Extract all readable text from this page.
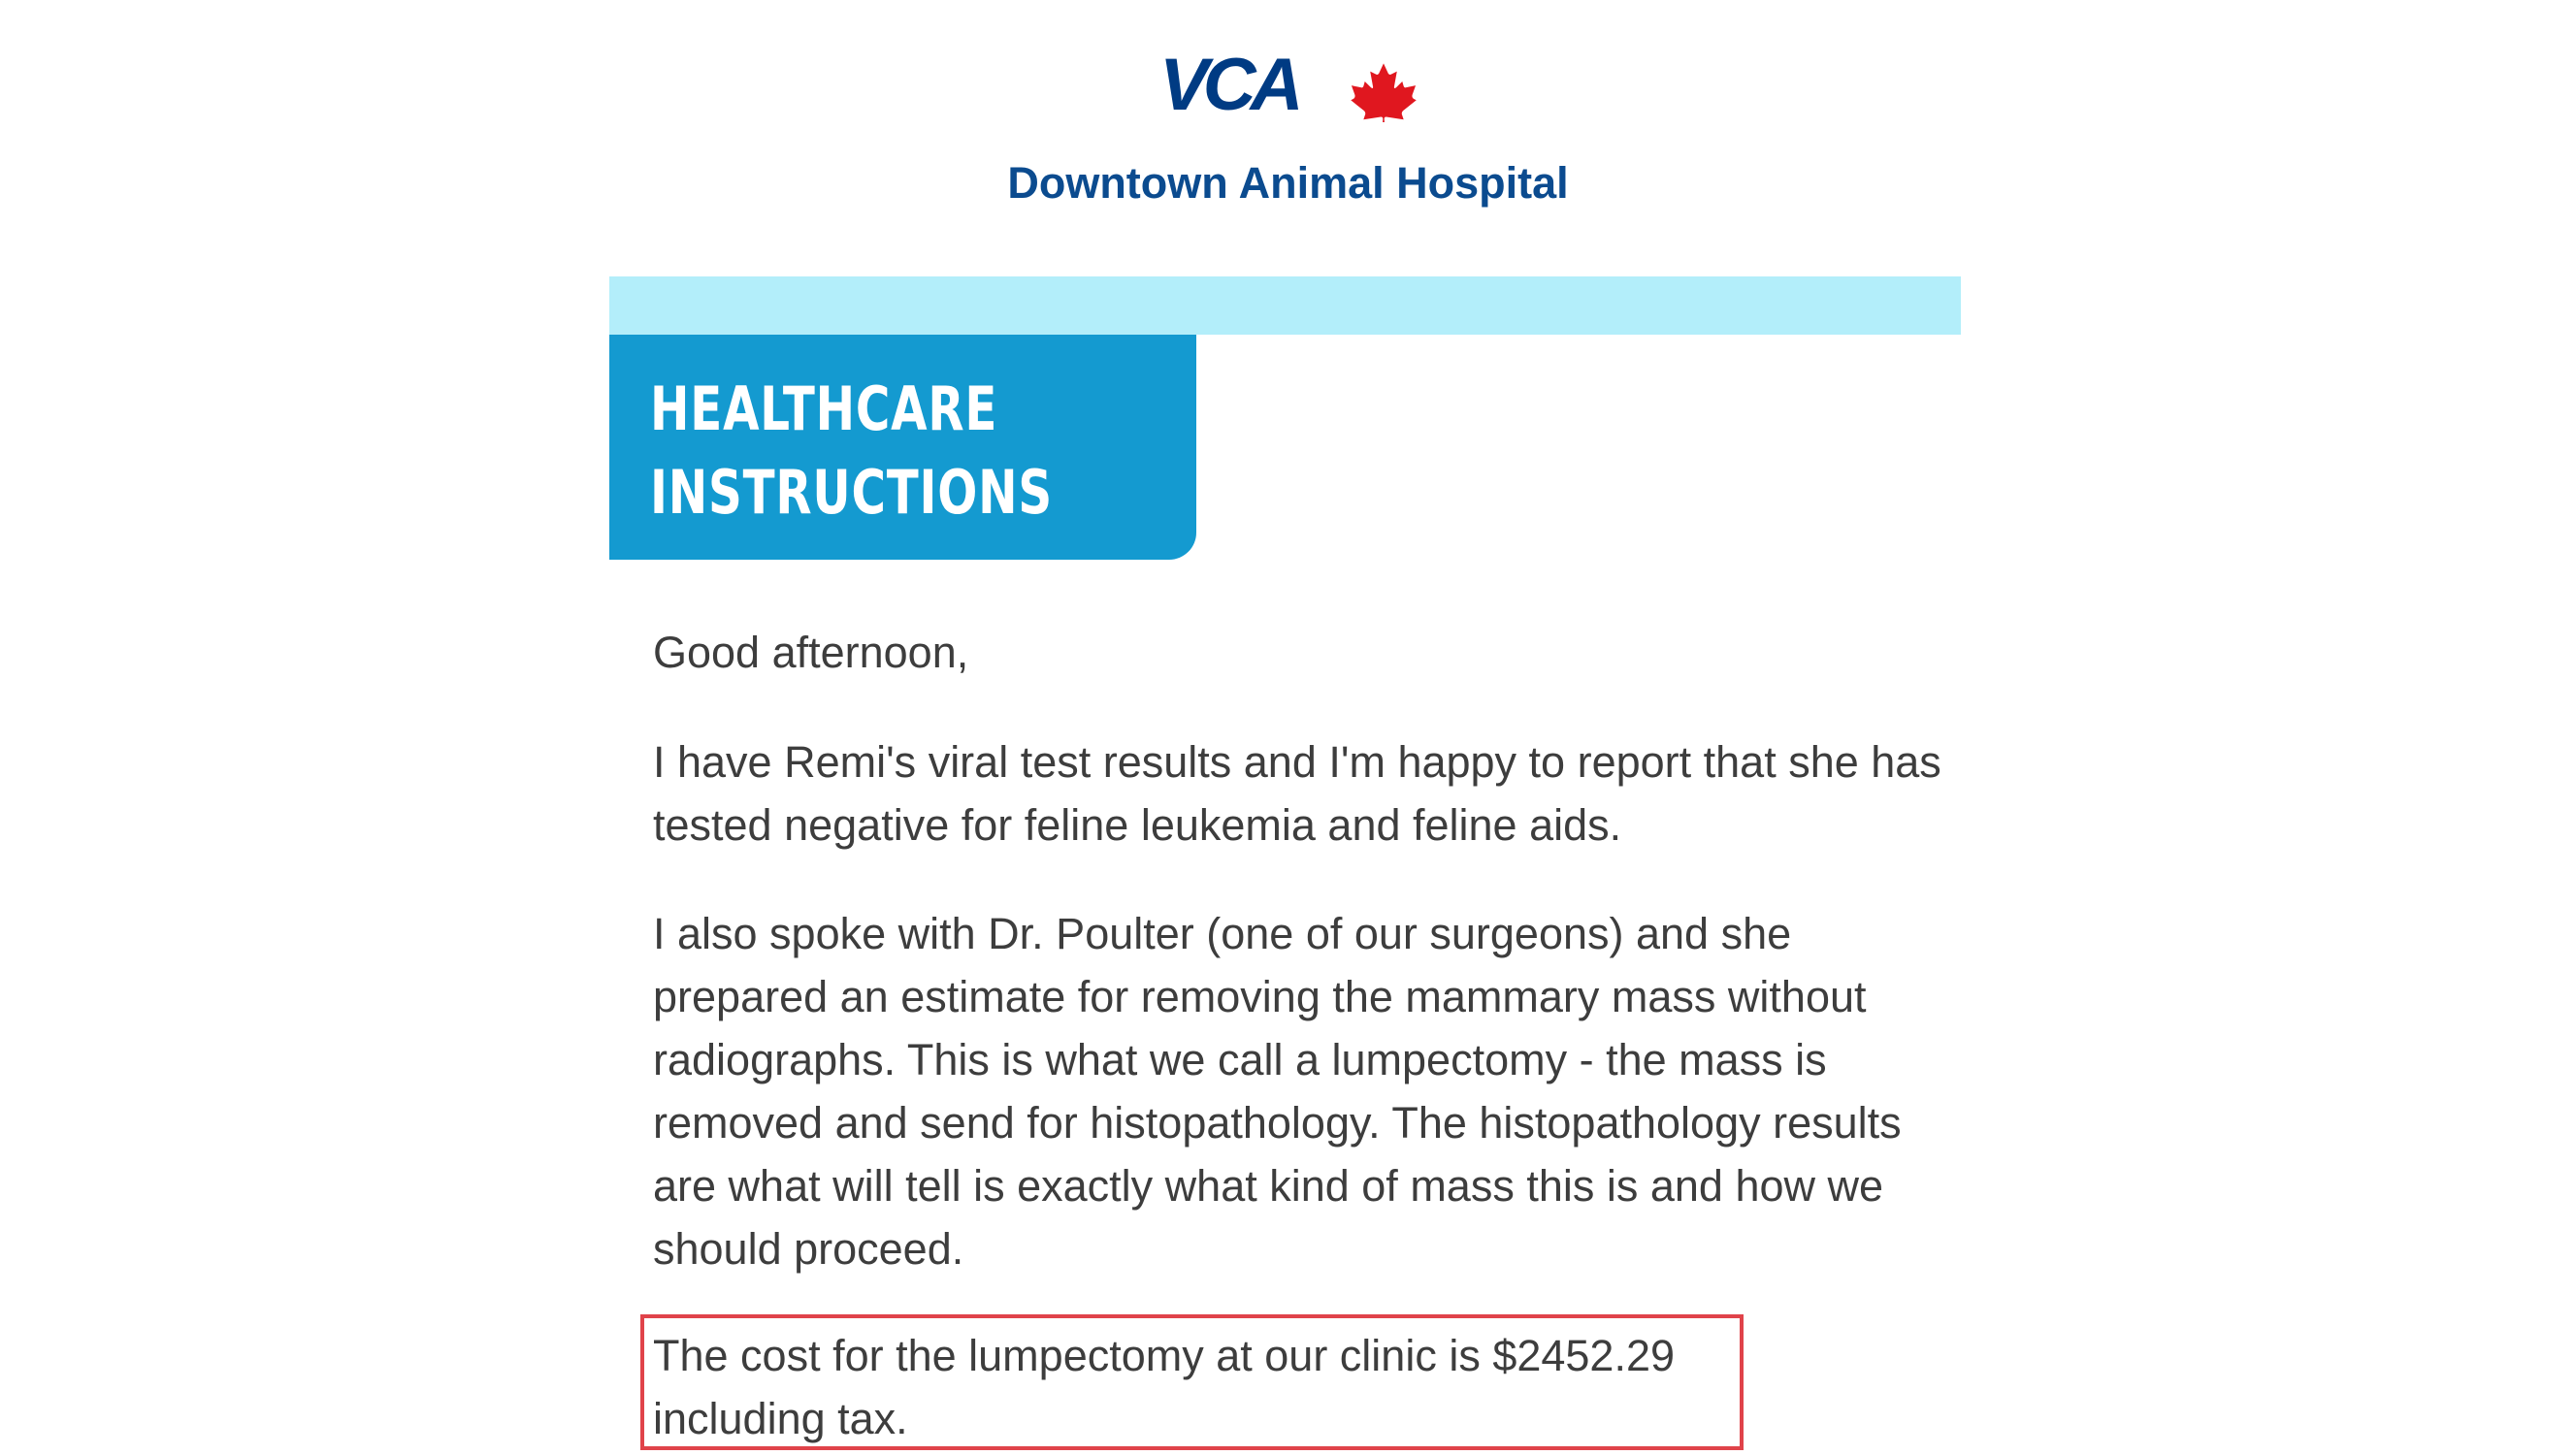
VCA
Downtown Animal Hospital

HEALTHCARE
INSTRUCTIONS

Good afternoon,

I have Remi's viral test results and I'm happy to report that she has tested negative for feline leukemia and feline aids.

I also spoke with Dr. Poulter (one of our surgeons) and she prepared an estimate for removing the mammary mass without radiographs. This is what we call a lumpectomy - the mass is removed and send for histopathology. The histopathology results are what will tell is exactly what kind of mass this is and how we should proceed.

The cost for the lumpectomy at our clinic is $2452.29 including tax.
